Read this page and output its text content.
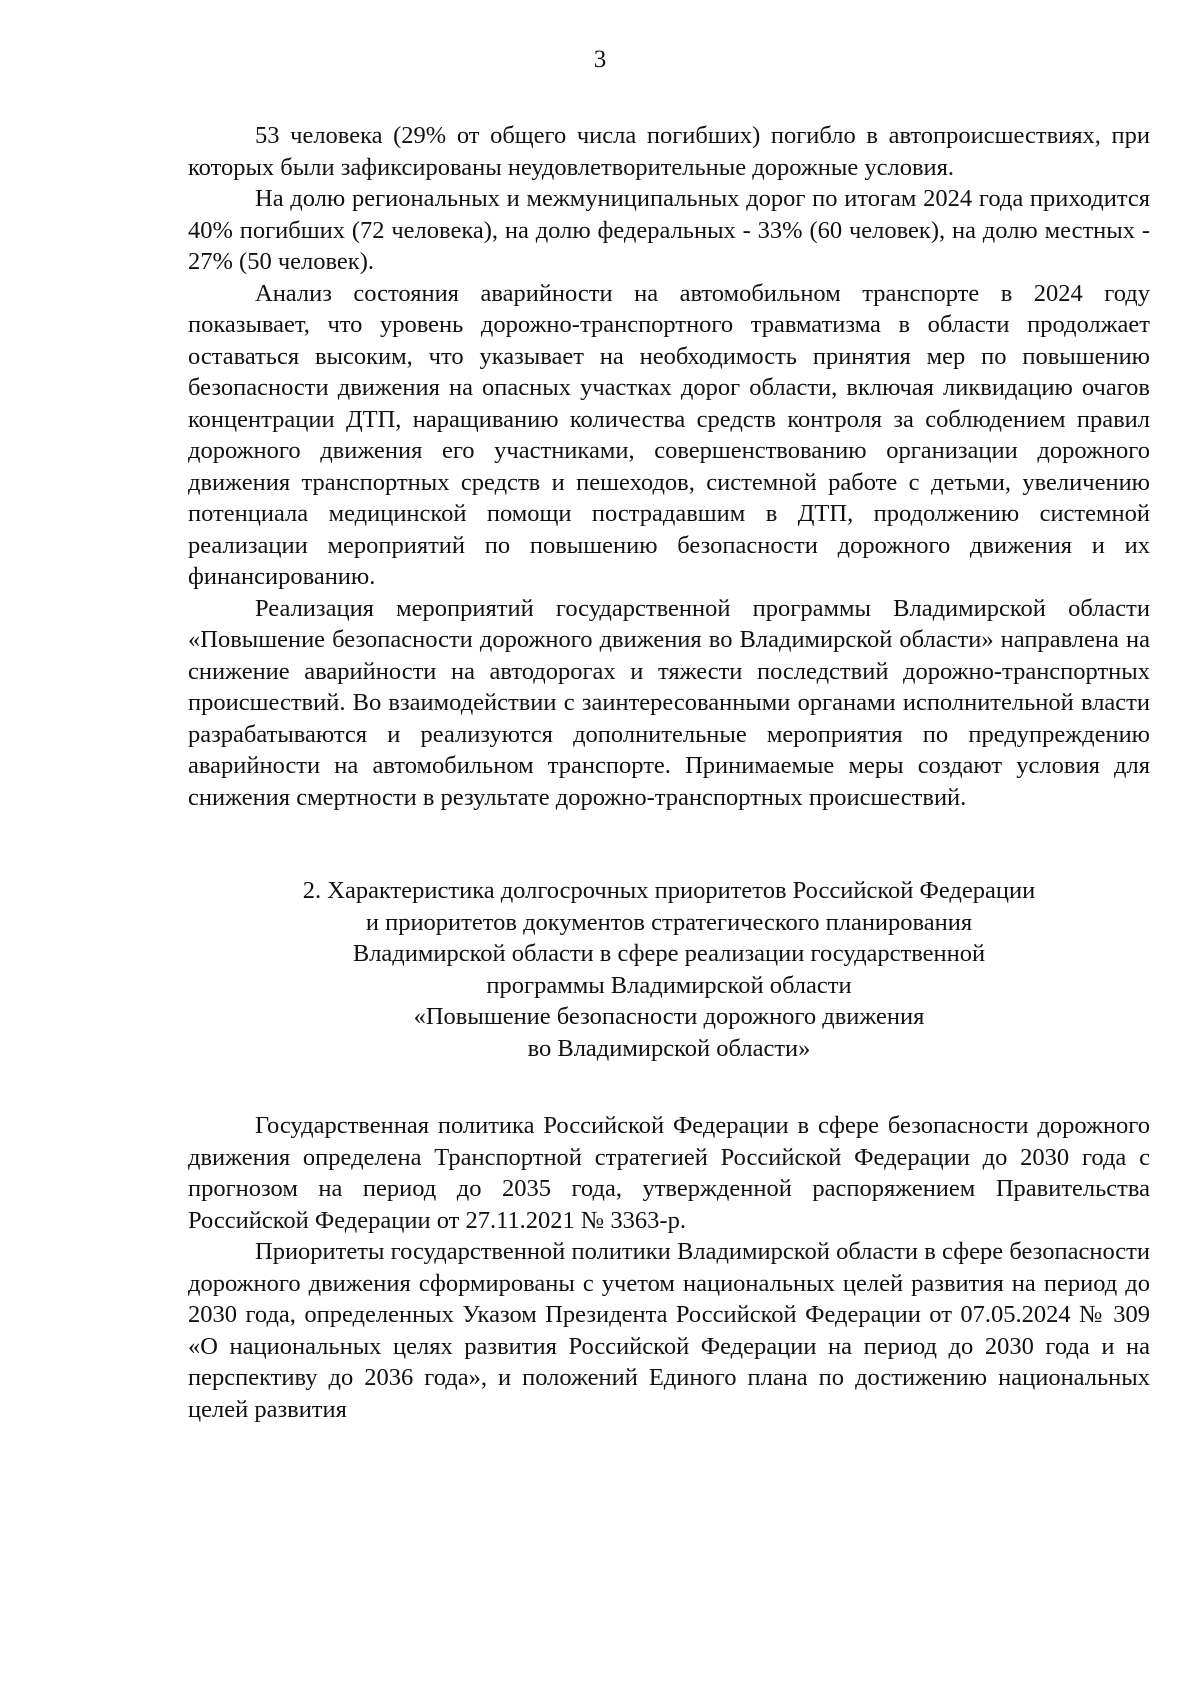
3

53 человека (29% от общего числа погибших) погибло в автопроисшествиях, при которых были зафиксированы неудовлетворительные дорожные условия.

На долю региональных и межмуниципальных дорог по итогам 2024 года приходится 40% погибших (72 человека), на долю федеральных - 33% (60 человек), на долю местных - 27% (50 человек).

Анализ состояния аварийности на автомобильном транспорте в 2024 году показывает, что уровень дорожно-транспортного травматизма в области продолжает оставаться высоким, что указывает на необходимость принятия мер по повышению безопасности движения на опасных участках дорог области, включая ликвидацию очагов концентрации ДТП, наращиванию количества средств контроля за соблюдением правил дорожного движения его участниками, совершенствованию организации дорожного движения транспортных средств и пешеходов, системной работе с детьми, увеличению потенциала медицинской помощи пострадавшим в ДТП, продолжению системной реализации мероприятий по повышению безопасности дорожного движения и их финансированию.

Реализация мероприятий государственной программы Владимирской области «Повышение безопасности дорожного движения во Владимирской области» направлена на снижение аварийности на автодорогах и тяжести последствий дорожно-транспортных происшествий. Во взаимодействии с заинтересованными органами исполнительной власти разрабатываются и реализуются дополнительные мероприятия по предупреждению аварийности на автомобильном транспорте. Принимаемые меры создают условия для снижения смертности в результате дорожно-транспортных происшествий.

2. Характеристика долгосрочных приоритетов Российской Федерации
и приоритетов документов стратегического планирования
Владимирской области в сфере реализации государственной
программы Владимирской области
«Повышение безопасности дорожного движения
во Владимирской области»

Государственная политика Российской Федерации в сфере безопасности дорожного движения определена Транспортной стратегией Российской Федерации до 2030 года с прогнозом на период до 2035 года, утвержденной распоряжением Правительства Российской Федерации от 27.11.2021 № 3363-р.

Приоритеты государственной политики Владимирской области в сфере безопасности дорожного движения сформированы с учетом национальных целей развития на период до 2030 года, определенных Указом Президента Российской Федерации от 07.05.2024 № 309 «О национальных целях развития Российской Федерации на период до 2030 года и на перспективу до 2036 года», и положений Единого плана по достижению национальных целей развития
